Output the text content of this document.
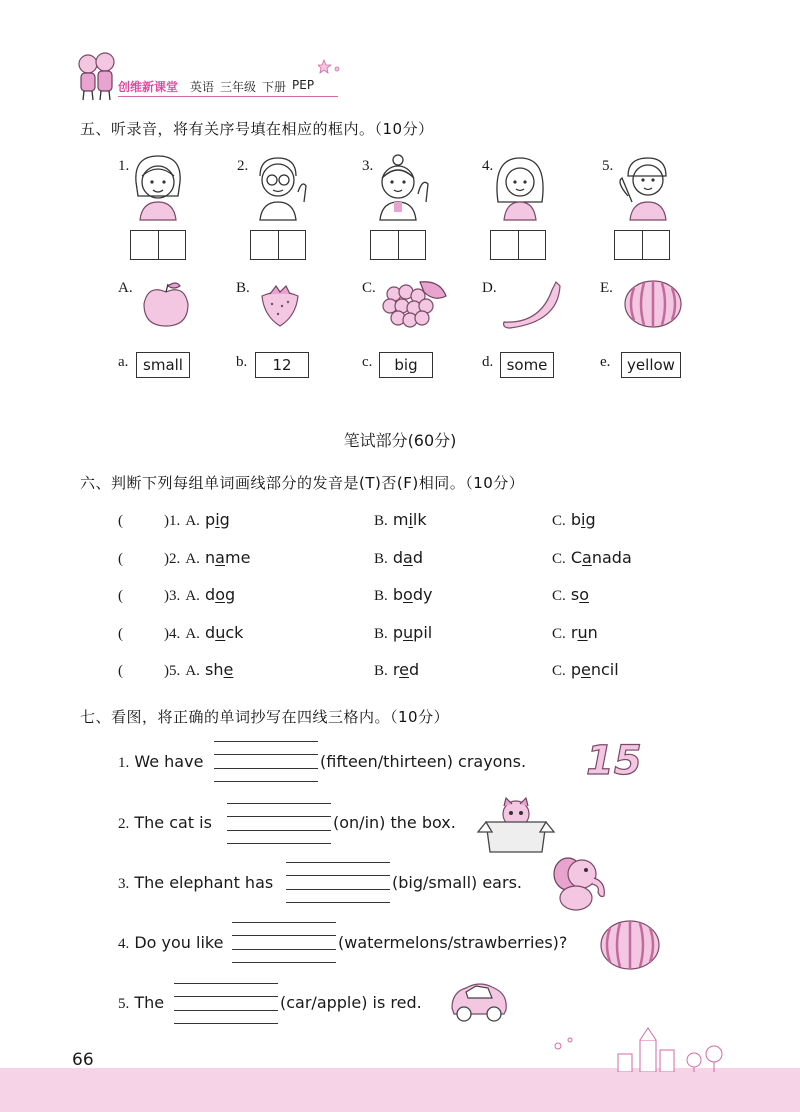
创维新课堂 英语 三年级 下册 PEP
五、听录音，将有关序号填在相应的框内。（10分）
1.	2.	3.	4.	5.
A.	B.	C.	D.	E.
a. small	b.	12	c.	big	d. some	e.	yellow
笔试部分(60分)
六、判断下列每组单词画线部分的发音是(T)否(F)相同。（10分）
(	)1. A. pig	B. milk	C. big
(	)2. A. name	B. dad	C. Canada
(	)3. A. dog	B. body	C. so
(	)4. A. duck	B. pupil	C. run
(	)5. A. she	B. red	C. pencil
七、看图，将正确的单词抄写在四线三格内。（10分）
1. We have	(fifteen/thirteen) crayons. 15
2. The cat is	(on/in) the box.
3. The elephant has	(big/small) ears.
4. Do you like	(watermelons/strawberries)?
5. The	(car/apple) is red.
66
